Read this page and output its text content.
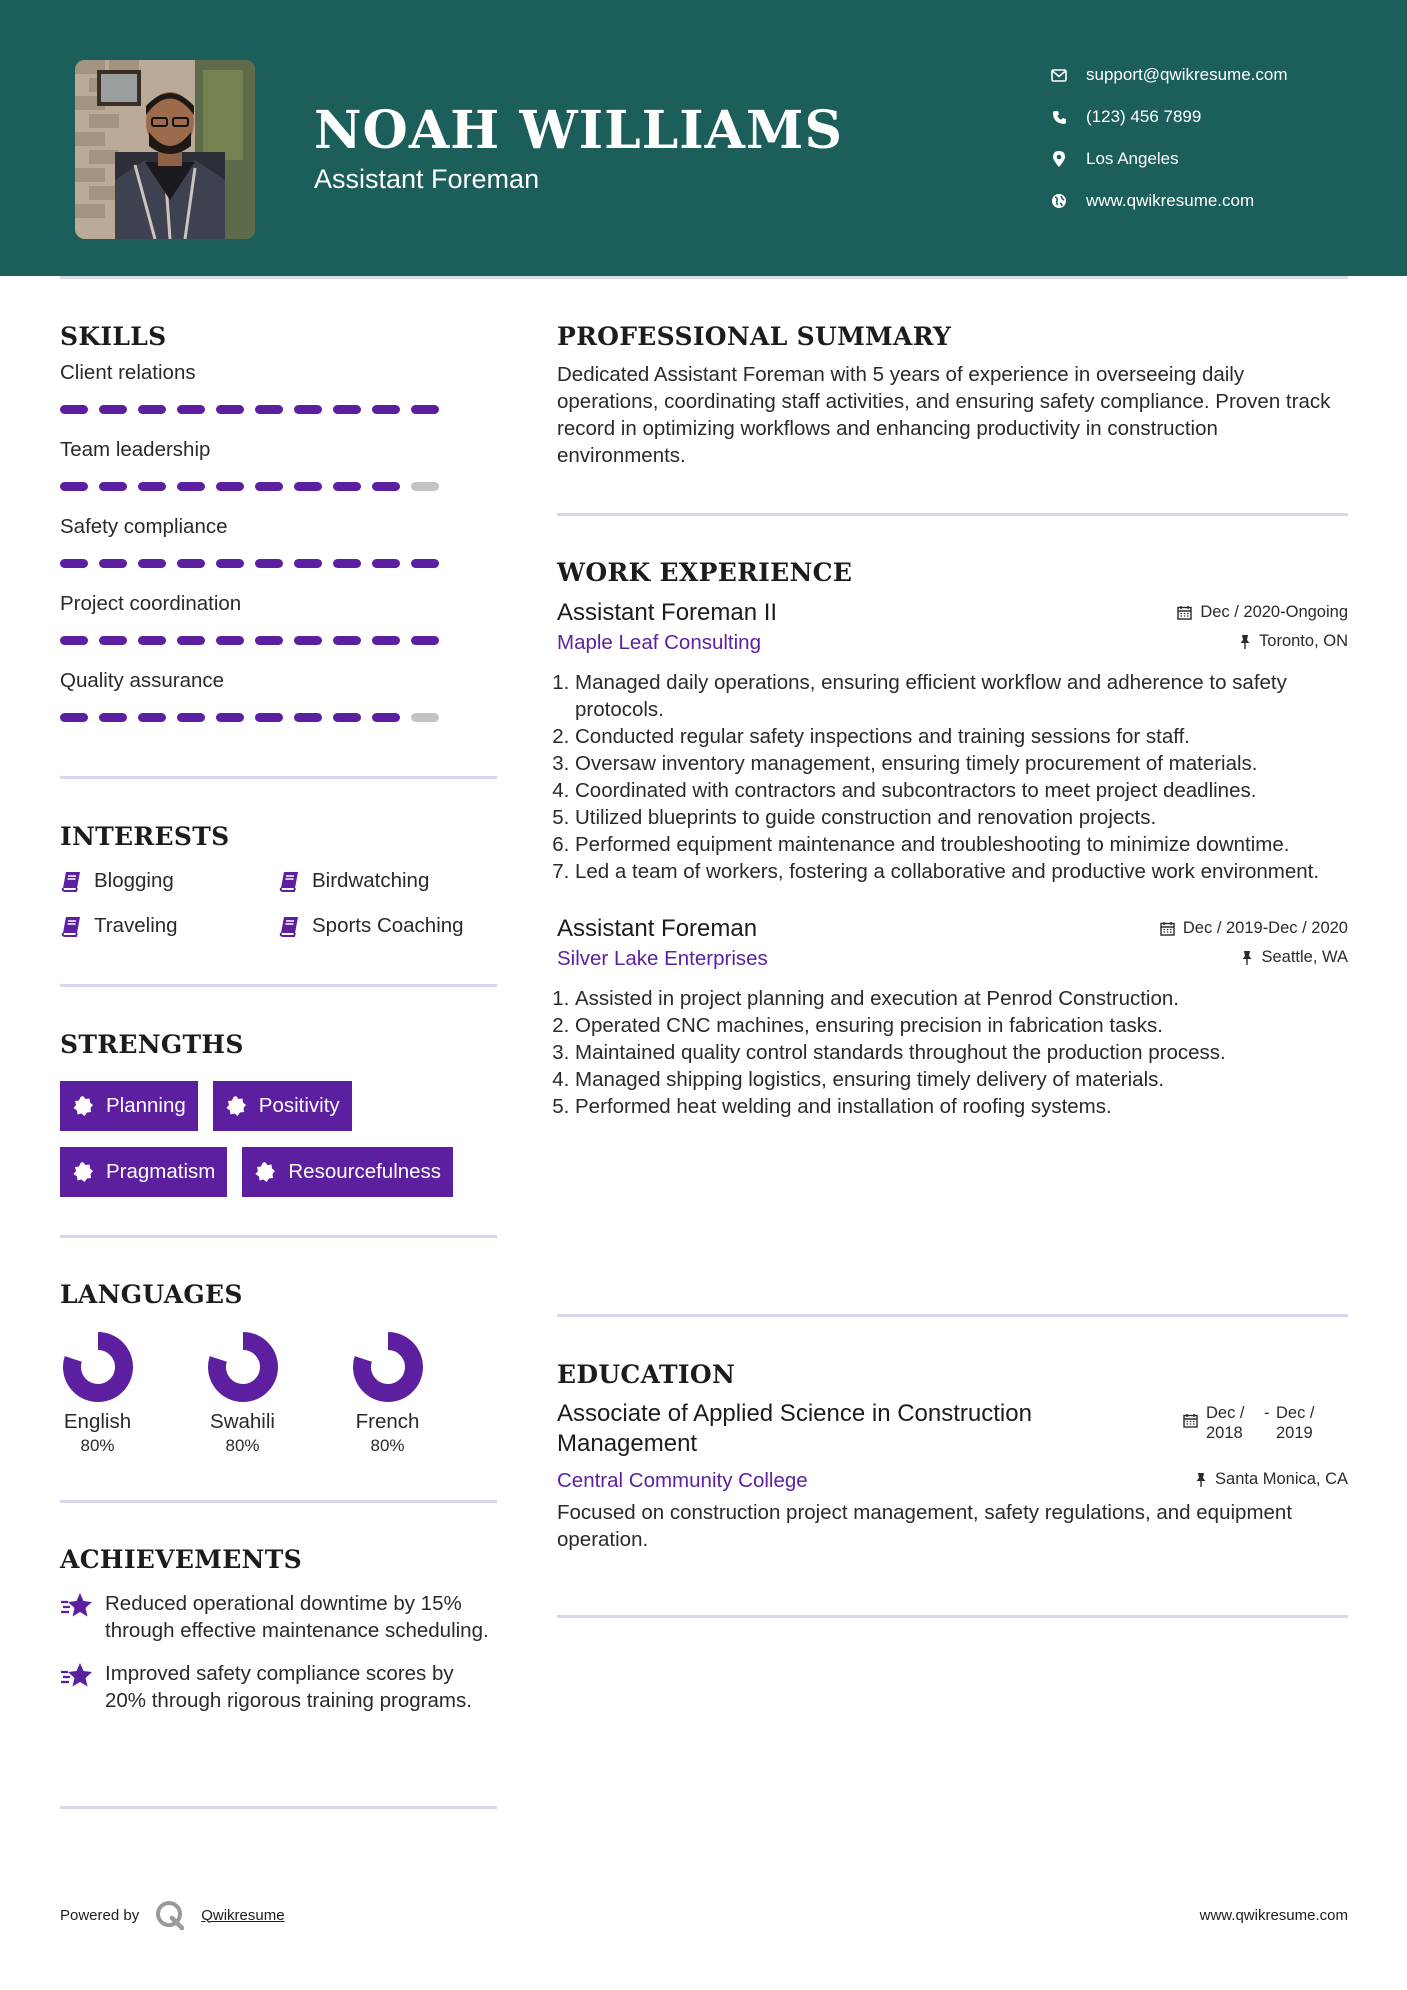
NOAH WILLIAMS
Assistant Foreman
support@qwikresume.com
(123) 456 7899
Los Angeles
www.qwikresume.com
SKILLS
Client relations
Team leadership
Safety compliance
Project coordination
Quality assurance
INTERESTS
Blogging	Birdwatching
Traveling	Sports Coaching
STRENGTHS
Planning	Positivity
Pragmatism	Resourcefulness
LANGUAGES
English
80%
Swahili
80%
French
80%
ACHIEVEMENTS
Reduced operational downtime by 15% through effective maintenance scheduling.
Improved safety compliance scores by 20% through rigorous training programs.
PROFESSIONAL SUMMARY
Dedicated Assistant Foreman with 5 years of experience in overseeing daily operations, coordinating staff activities, and ensuring safety compliance. Proven track record in optimizing workflows and enhancing productivity in construction environments.
WORK EXPERIENCE
Assistant Foreman II	Dec / 2020-Ongoing
Maple Leaf Consulting	Toronto, ON
1. Managed daily operations, ensuring efficient workflow and adherence to safety protocols.
2. Conducted regular safety inspections and training sessions for staff.
3. Oversaw inventory management, ensuring timely procurement of materials.
4. Coordinated with contractors and subcontractors to meet project deadlines.
5. Utilized blueprints to guide construction and renovation projects.
6. Performed equipment maintenance and troubleshooting to minimize downtime.
7. Led a team of workers, fostering a collaborative and productive work environment.
Assistant Foreman	Dec / 2019-Dec / 2020
Silver Lake Enterprises	Seattle, WA
1. Assisted in project planning and execution at Penrod Construction.
2. Operated CNC machines, ensuring precision in fabrication tasks.
3. Maintained quality control standards throughout the production process.
4. Managed shipping logistics, ensuring timely delivery of materials.
5. Performed heat welding and installation of roofing systems.
EDUCATION
Associate of Applied Science in Construction Management
Dec / 2018
- Dec / 2019
Central Community College	Santa Monica, CA
Focused on construction project management, safety regulations, and equipment operation.
Powered by	Qwikresume	www.qwikresume.com
